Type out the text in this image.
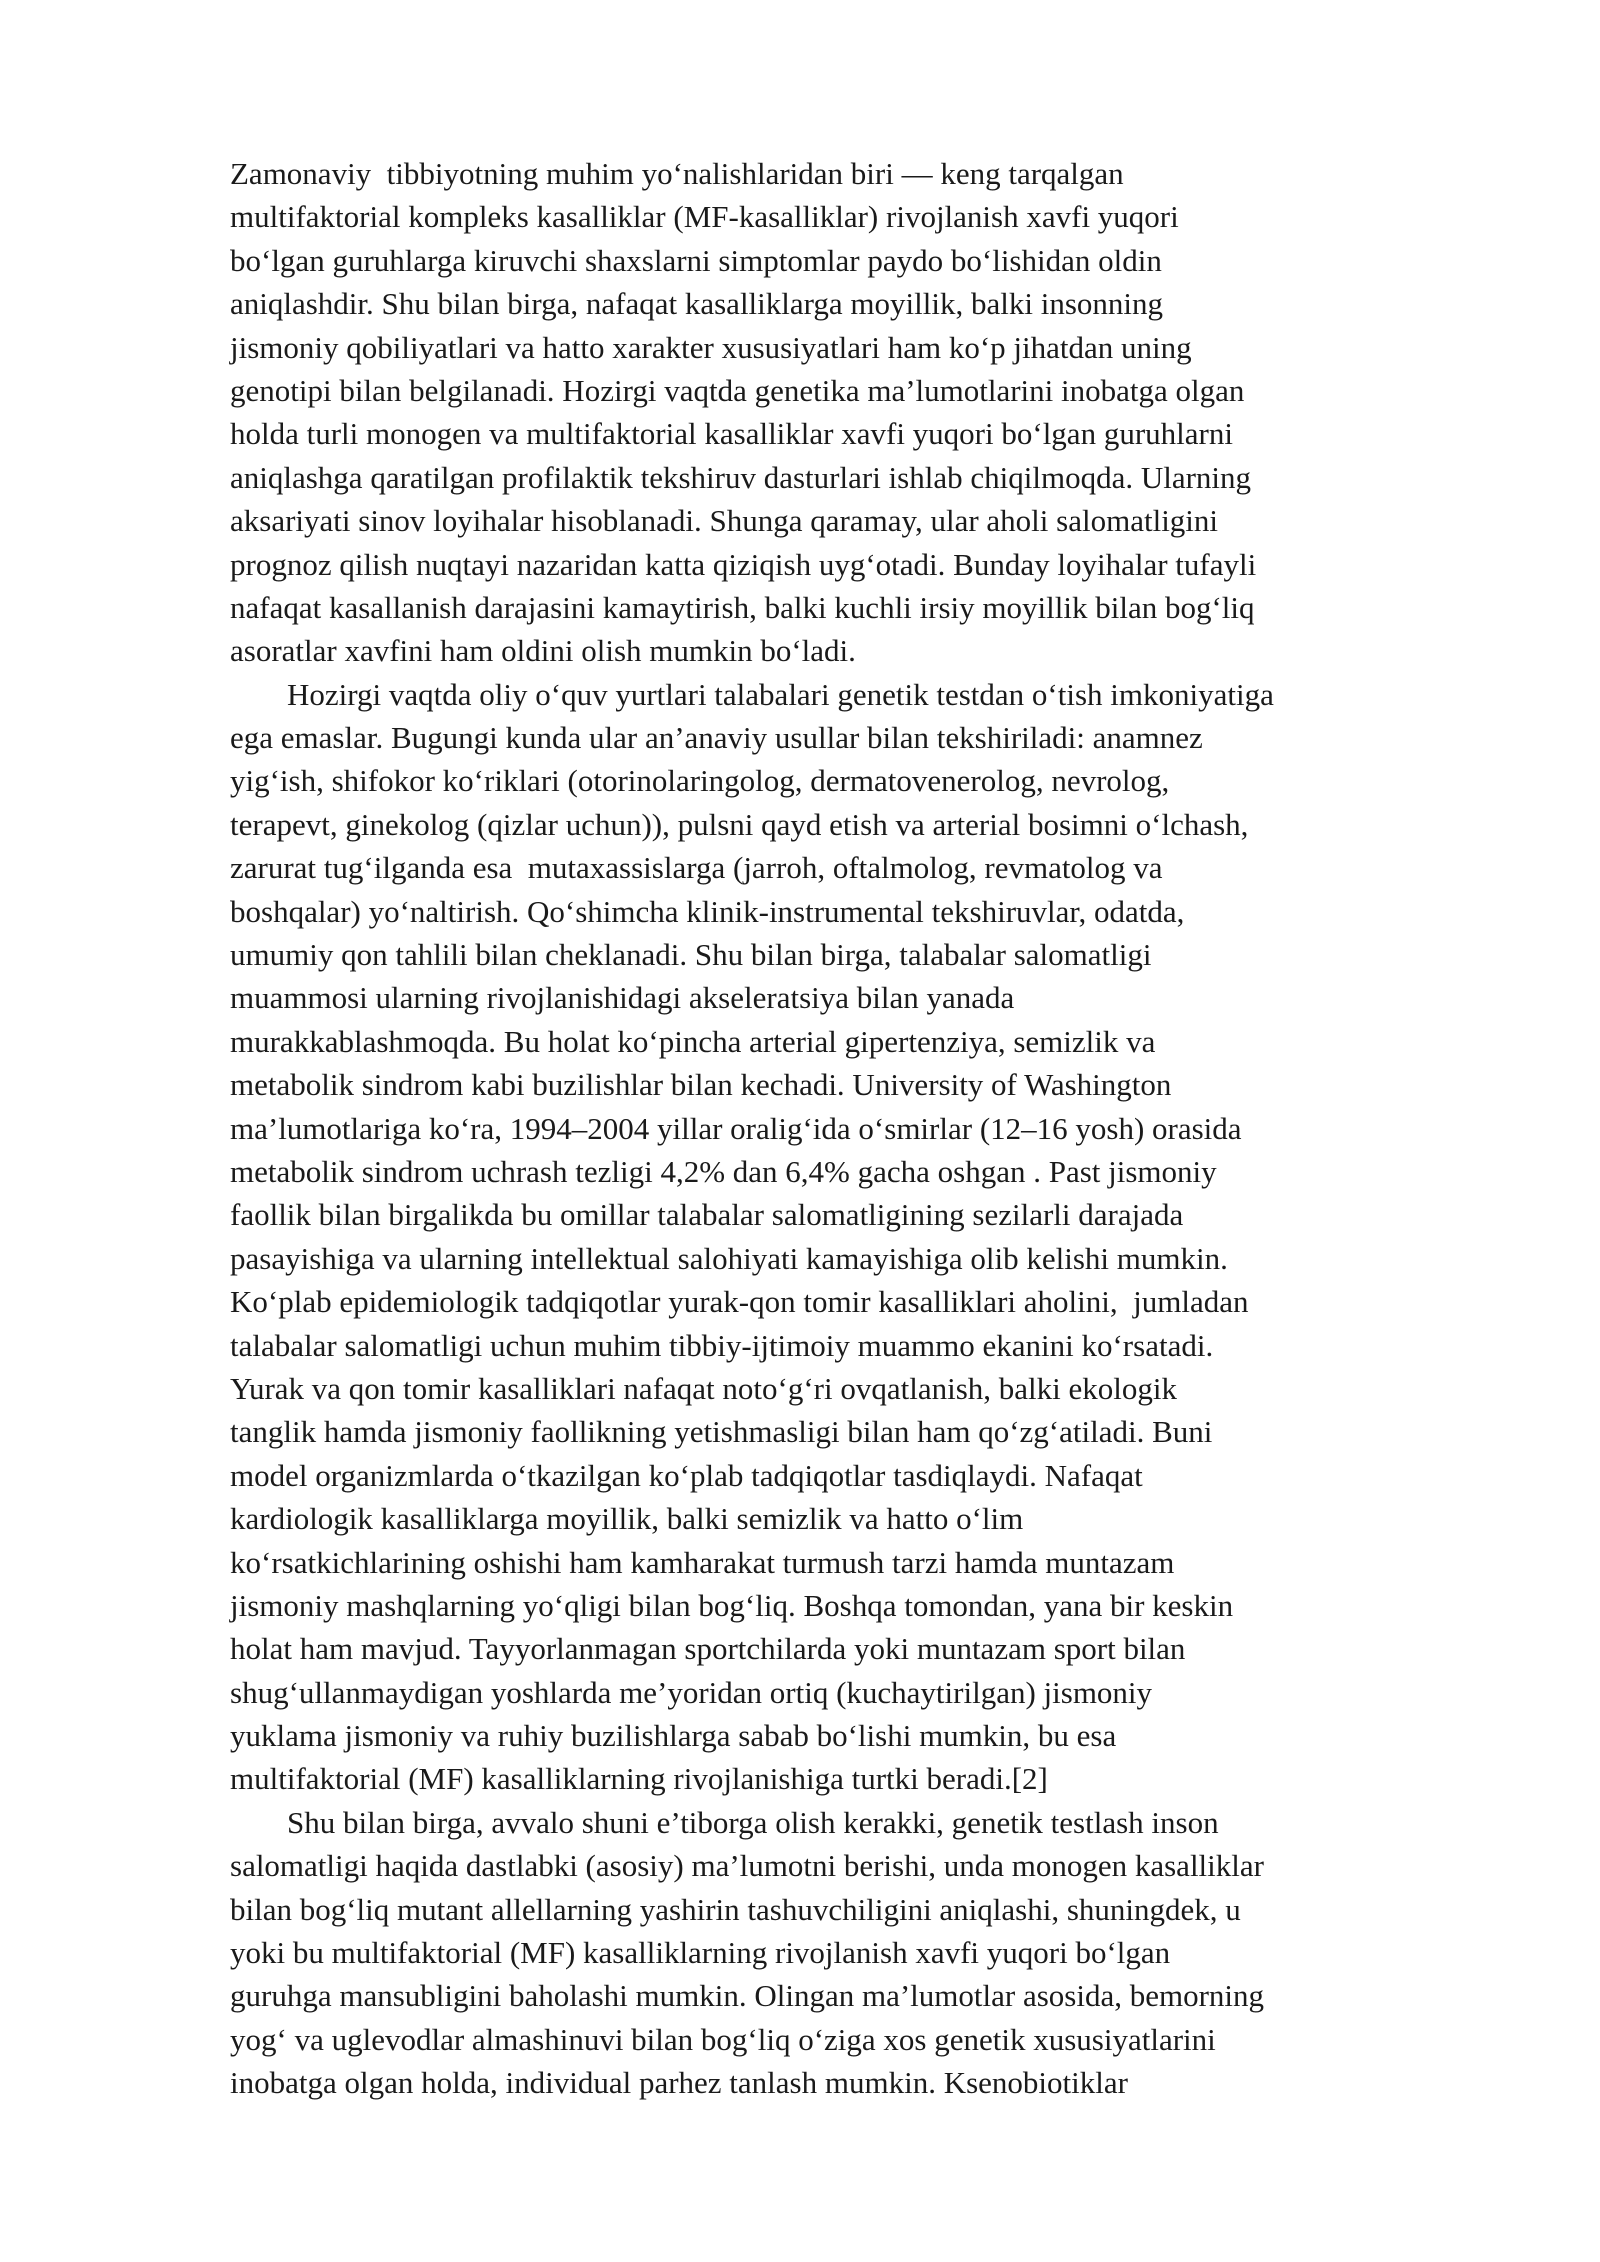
Zamonaviy  tibbiyotning muhim yo‘nalishlaridan biri — keng tarqalgan
multifaktorial kompleks kasalliklar (MF-kasalliklar) rivojlanish xavfi yuqori
bo‘lgan guruhlarga kiruvchi shaxslarni simptomlar paydo bo‘lishidan oldin
aniqlashdir. Shu bilan birga, nafaqat kasalliklarga moyillik, balki insonning
jismoniy qobiliyatlari va hatto xarakter xususiyatlari ham ko‘p jihatdan uning
genotipi bilan belgilanadi. Hozirgi vaqtda genetika ma’lumotlarini inobatga olgan
holda turli monogen va multifaktorial kasalliklar xavfi yuqori bo‘lgan guruhlarni
aniqlashga qaratilgan profilaktik tekshiruv dasturlari ishlab chiqilmoqda. Ularning
aksariyati sinov loyihalar hisoblanadi. Shunga qaramay, ular aholi salomatligini
prognoz qilish nuqtayi nazaridan katta qiziqish uyg‘otadi. Bunday loyihalar tufayli
nafaqat kasallanish darajasini kamaytirish, balki kuchli irsiy moyillik bilan bog‘liq
asoratlar xavfini ham oldini olish mumkin bo‘ladi.
Hozirgi vaqtda oliy o‘quv yurtlari talabalari genetik testdan o‘tish imkoniyatiga
ega emaslar. Bugungi kunda ular an’anaviy usullar bilan tekshiriladi: anamnez
yig‘ish, shifokor ko‘riklari (otorinolaringolog, dermatovenerolog, nevrolog,
terapevt, ginekolog (qizlar uchun)), pulsni qayd etish va arterial bosimni o‘lchash,
zarurat tug‘ilganda esa  mutaxassislarga (jarroh, oftalmolog, revmatolog va
boshqalar) yo‘naltirish. Qo‘shimcha klinik-instrumental tekshiruvlar, odatda,
umumiy qon tahlili bilan cheklanadi. Shu bilan birga, talabalar salomatligi
muammosi ularning rivojlanishidagi akseleratsiya bilan yanada
murakkablashmoqda. Bu holat ko‘pincha arterial gipertenziya, semizlik va
metabolik sindrom kabi buzilishlar bilan kechadi. University of Washington
ma’lumotlariga ko‘ra, 1994–2004 yillar oralig‘ida o‘smirlar (12–16 yosh) orasida
metabolik sindrom uchrash tezligi 4,2% dan 6,4% gacha oshgan . Past jismoniy
faollik bilan birgalikda bu omillar talabalar salomatligining sezilarli darajada
pasayishiga va ularning intellektual salohiyati kamayishiga olib kelishi mumkin.
Ko‘plab epidemiologik tadqiqotlar yurak-qon tomir kasalliklari aholini,  jumladan
talabalar salomatligi uchun muhim tibbiy-ijtimoiy muammo ekanini ko‘rsatadi.
Yurak va qon tomir kasalliklari nafaqat noto‘g‘ri ovqatlanish, balki ekologik
tanglik hamda jismoniy faollikning yetishmasligi bilan ham qo‘zg‘atiladi. Buni
model organizmlarda o‘tkazilgan ko‘plab tadqiqotlar tasdiqlaydi. Nafaqat
kardiologik kasalliklarga moyillik, balki semizlik va hatto o‘lim
ko‘rsatkichlarining oshishi ham kamharakat turmush tarzi hamda muntazam
jismoniy mashqlarning yo‘qligi bilan bog‘liq. Boshqa tomondan, yana bir keskin
holat ham mavjud. Tayyorlanmagan sportchilarda yoki muntazam sport bilan
shug‘ullanmaydigan yoshlarda me’yoridan ortiq (kuchaytirilgan) jismoniy
yuklama jismoniy va ruhiy buzilishlarga sabab bo‘lishi mumkin, bu esa
multifaktorial (MF) kasalliklarning rivojlanishiga turtki beradi.[2]
Shu bilan birga, avvalo shuni e’tiborga olish kerakki, genetik testlash inson
salomatligi haqida dastlabki (asosiy) ma’lumotni berishi, unda monogen kasalliklar
bilan bog‘liq mutant allellarning yashirin tashuvchiligini aniqlashi, shuningdek, u
yoki bu multifaktorial (MF) kasalliklarning rivojlanish xavfi yuqori bo‘lgan
guruhga mansubligini baholashi mumkin. Olingan ma’lumotlar asosida, bemorning
yog‘ va uglevodlar almashinuvi bilan bog‘liq o‘ziga xos genetik xususiyatlarini
inobatga olgan holda, individual parhez tanlash mumkin. Ksenobiotiklar
